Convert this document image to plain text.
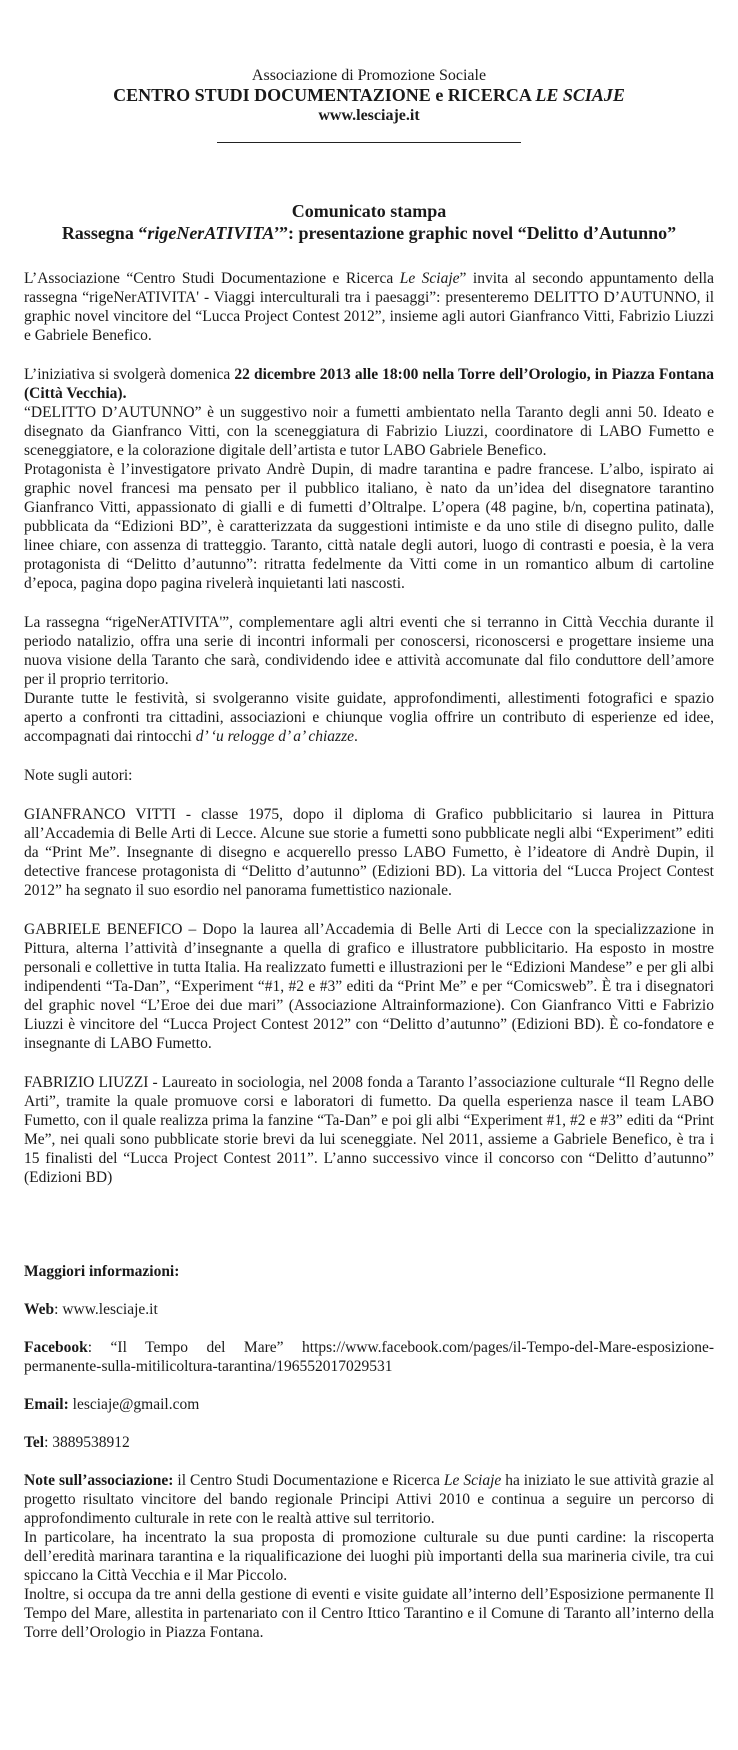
Associazione di Promozione Sociale
CENTRO STUDI DOCUMENTAZIONE e RICERCA LE SCIAJE
www.lesciaje.it
Comunicato stampa
Rassegna “rigeNerATIVITA’”: presentazione graphic novel “Delitto d’Autunno”

L’Associazione “Centro Studi Documentazione e Ricerca Le Sciaje” invita al secondo appuntamento della rassegna “rigeNerATIVITA' - Viaggi interculturali tra i paesaggi”: presenteremo DELITTO D’AUTUNNO, il graphic novel vincitore del “Lucca Project Contest 2012”, insieme agli autori Gianfranco Vitti, Fabrizio Liuzzi e Gabriele Benefico.

L’iniziativa si svolgerà domenica 22 dicembre 2013 alle 18:00 nella Torre dell’Orologio, in Piazza Fontana (Città Vecchia).

“DELITTO D’AUTUNNO” è un suggestivo noir a fumetti ambientato nella Taranto degli anni 50. Ideato e disegnato da Gianfranco Vitti, con la sceneggiatura di Fabrizio Liuzzi, coordinatore di LABO Fumetto e sceneggiatore, e la colorazione digitale dell’artista e tutor LABO Gabriele Benefico.

Protagonista è l’investigatore privato Andrè Dupin, di madre tarantina e padre francese. L’albo, ispirato ai graphic novel francesi ma pensato per il pubblico italiano, è nato da un’idea del disegnatore tarantino Gianfranco Vitti, appassionato di gialli e di fumetti d’Oltralpe. L’opera (48 pagine, b/n, copertina patinata), pubblicata da “Edizioni BD”, è caratterizzata da suggestioni intimiste e da uno stile di disegno pulito, dalle linee chiare, con assenza di tratteggio. Taranto, città natale degli autori, luogo di contrasti e poesia, è la vera protagonista di “Delitto d’autunno”: ritratta fedelmente da Vitti come in un romantico album di cartoline d’epoca, pagina dopo pagina rivelerà inquietanti lati nascosti.

La rassegna “rigeNerATIVITA'”, complementare agli altri eventi che si terranno in Città Vecchia durante il periodo natalizio, offra una serie di incontri informali per conoscersi, riconoscersi e progettare insieme una nuova visione della Taranto che sarà, condividendo idee e attività accomunate dal filo conduttore dell’amore per il proprio territorio.

Durante tutte le festività, si svolgeranno visite guidate, approfondimenti, allestimenti fotografici e spazio aperto a confronti tra cittadini, associazioni e chiunque voglia offrire un contributo di esperienze ed idee, accompagnati dai rintocchi d’ ‘u relogge d’ a’ chiazze.

Note sugli autori:

GIANFRANCO VITTI - classe 1975, dopo il diploma di Grafico pubblicitario si laurea in Pittura all’Accademia di Belle Arti di Lecce. Alcune sue storie a fumetti sono pubblicate negli albi “Experiment” editi da “Print Me”. Insegnante di disegno e acquerello presso LABO Fumetto, è l’ideatore di Andrè Dupin, il detective francese protagonista di “Delitto d’autunno” (Edizioni BD). La vittoria del “Lucca Project Contest 2012” ha segnato il suo esordio nel panorama fumettistico nazionale.

GABRIELE BENEFICO – Dopo la laurea all’Accademia di Belle Arti di Lecce con la specializzazione in Pittura, alterna l’attività d’insegnante a quella di grafico e illustratore pubblicitario. Ha esposto in mostre personali e collettive in tutta Italia. Ha realizzato fumetti e illustrazioni per le “Edizioni Mandese” e per gli albi indipendenti “Ta-Dan”, “Experiment “#1, #2 e #3” editi da “Print Me” e per “Comicsweb”. È tra i disegnatori del graphic novel “L’Eroe dei due mari” (Associazione Altrainformazione). Con Gianfranco Vitti e Fabrizio Liuzzi è vincitore del “Lucca Project Contest 2012” con “Delitto d’autunno” (Edizioni BD). È co-fondatore e insegnante di LABO Fumetto.

FABRIZIO LIUZZI - Laureato in sociologia, nel 2008 fonda a Taranto l’associazione culturale “Il Regno delle Arti”, tramite la quale promuove corsi e laboratori di fumetto. Da quella esperienza nasce il team LABO Fumetto, con il quale realizza prima la fanzine “Ta-Dan” e poi gli albi “Experiment #1, #2 e #3” editi da “Print Me”, nei quali sono pubblicate storie brevi da lui sceneggiate. Nel 2011, assieme a Gabriele Benefico, è tra i 15 finalisti del “Lucca Project Contest 2011”. L’anno successivo vince il concorso con “Delitto d’autunno” (Edizioni BD)

Maggiori informazioni:

Web: www.lesciaje.it

Facebook: “Il Tempo del Mare” https://www.facebook.com/pages/il-Tempo-del-Mare-esposizione-permanente-sulla-mitilicoltura-tarantina/196552017029531

Email: lesciaje@gmail.com

Tel: 3889538912

Note sull’associazione: il Centro Studi Documentazione e Ricerca Le Sciaje ha iniziato le sue attività grazie al progetto risultato vincitore del bando regionale Principi Attivi 2010 e continua a seguire un percorso di approfondimento culturale in rete con le realtà attive sul territorio.

In particolare, ha incentrato la sua proposta di promozione culturale su due punti cardine: la riscoperta dell’eredità marinara tarantina e la riqualificazione dei luoghi più importanti della sua marineria civile, tra cui spiccano la Città Vecchia e il Mar Piccolo.

Inoltre, si occupa da tre anni della gestione di eventi e visite guidate all’interno dell’Esposizione permanente Il Tempo del Mare, allestita in partenariato con il Centro Ittico Tarantino e il Comune di Taranto all’interno della Torre dell’Orologio in Piazza Fontana.
